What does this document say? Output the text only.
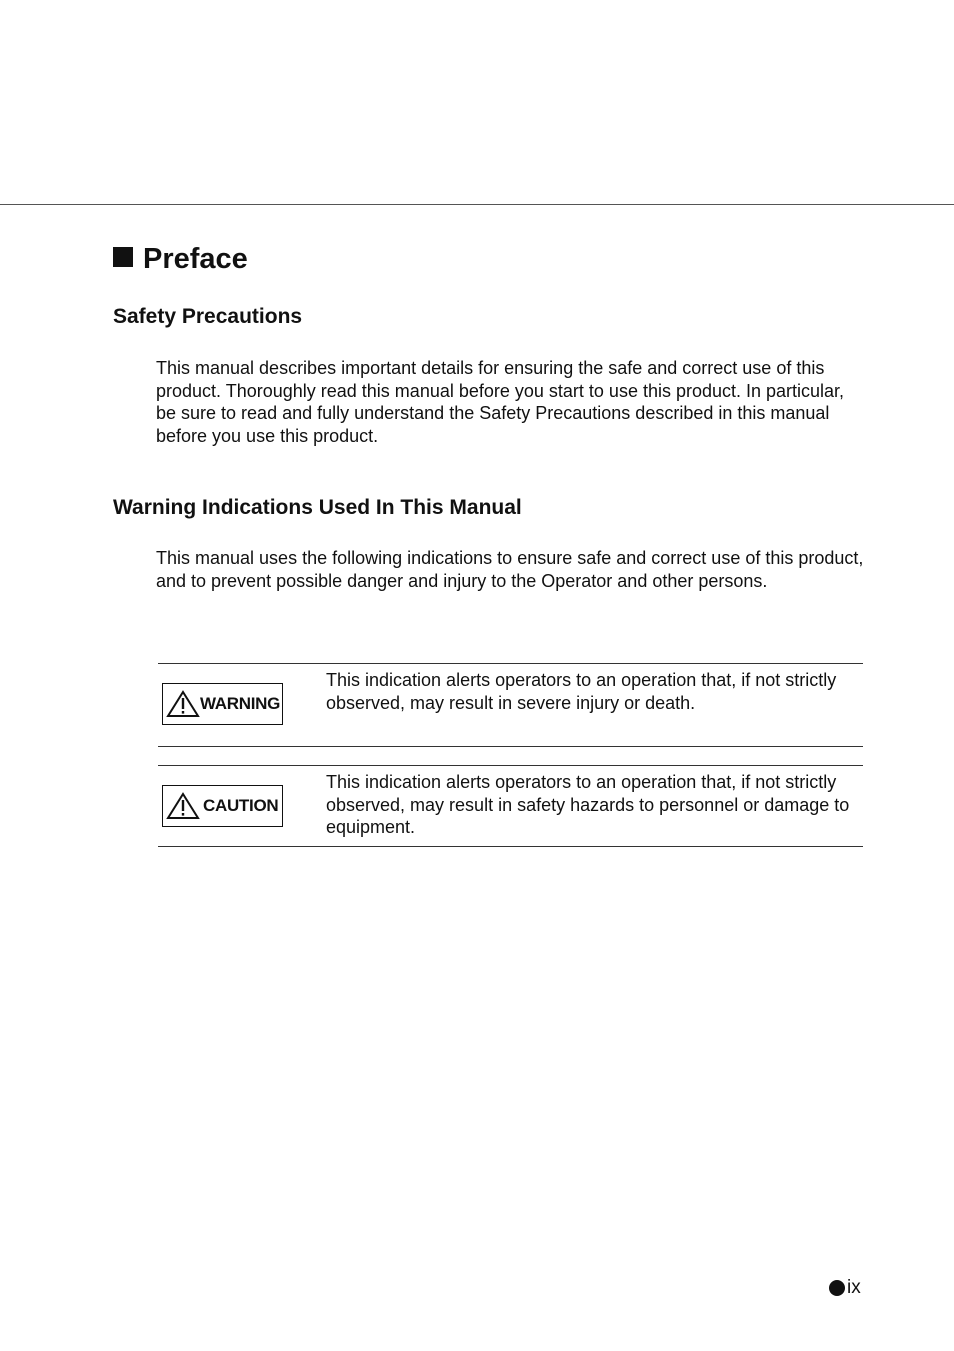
Preface
Safety Precautions

This manual describes important details for ensuring the safe and correct use of this product. Thoroughly read this manual before you start to use this product. In particular, be sure to read and fully understand the Safety Precautions described in this manual before you use this product.

Warning Indications Used In This Manual

This manual uses the following indications to ensure safe and correct use of this product, and to prevent possible danger and injury to the Operator and other persons.

WARNING
This indication alerts operators to an operation that, if not strictly observed, may result in severe injury or death.
CAUTION
This indication alerts operators to an operation that, if not strictly observed, may result in safety hazards to personnel or damage to equipment.
ix
